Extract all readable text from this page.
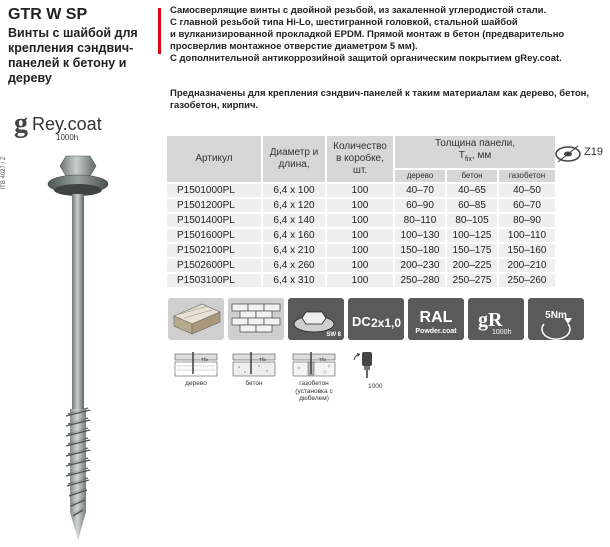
GTR W SP

Винты с шайбой для крепления сэндвич-панелей к бетону и дереву

g Rey.coat
1000h
ITB 4027 / Z

Самосверлящие винты с двойной резьбой, из закаленной углеродистой стали.

С главной резьбой типа Hi-Lo, шестигранной головкой, стальной шайбой

и вулканизированной прокладкой EPDM. Прямой монтаж в бетон (предварительно

просверлив монтажное отверстие диаметром 5 мм).

С дополнительной антикоррозийной защитой органическим покрытием gRey.coat.

Предназначены для крепления сэндвич-панелей к таким материалам как дерево, бетон,

газобетон, кирпич.

Артикул	Диаметр и длина,	Количество в коробке, шт.	Толщина панели,
$T_{fix}$, мм		
			дерево	бетон	газобетон
P1501000PL	6,4 x 100	100	40–70	40–65	40–50
P1501200PL	6,4 x 120	100	60–90	60–85	60–70
P1501400PL	6,4 x 140	100	80–110	80–105	80–90
P1501600PL	6,4 x 160	100	100–130	100–125	100–110
P1502100PL	6,4 x 210	100	150–180	150–175	150–160
P1502600PL	6,4 x 260	100	200–230	200–225	200–210
P1503100PL	6,4 x 310	100	250–280	250–275	250–260
Z19
SW 8
DC 2x1,0 RAL
Powder.coat
gR
1000h
5Nm
Tfix
дерево
Tfix
бетон
Tfix
газобетон (установка с дюбелем)
1000
